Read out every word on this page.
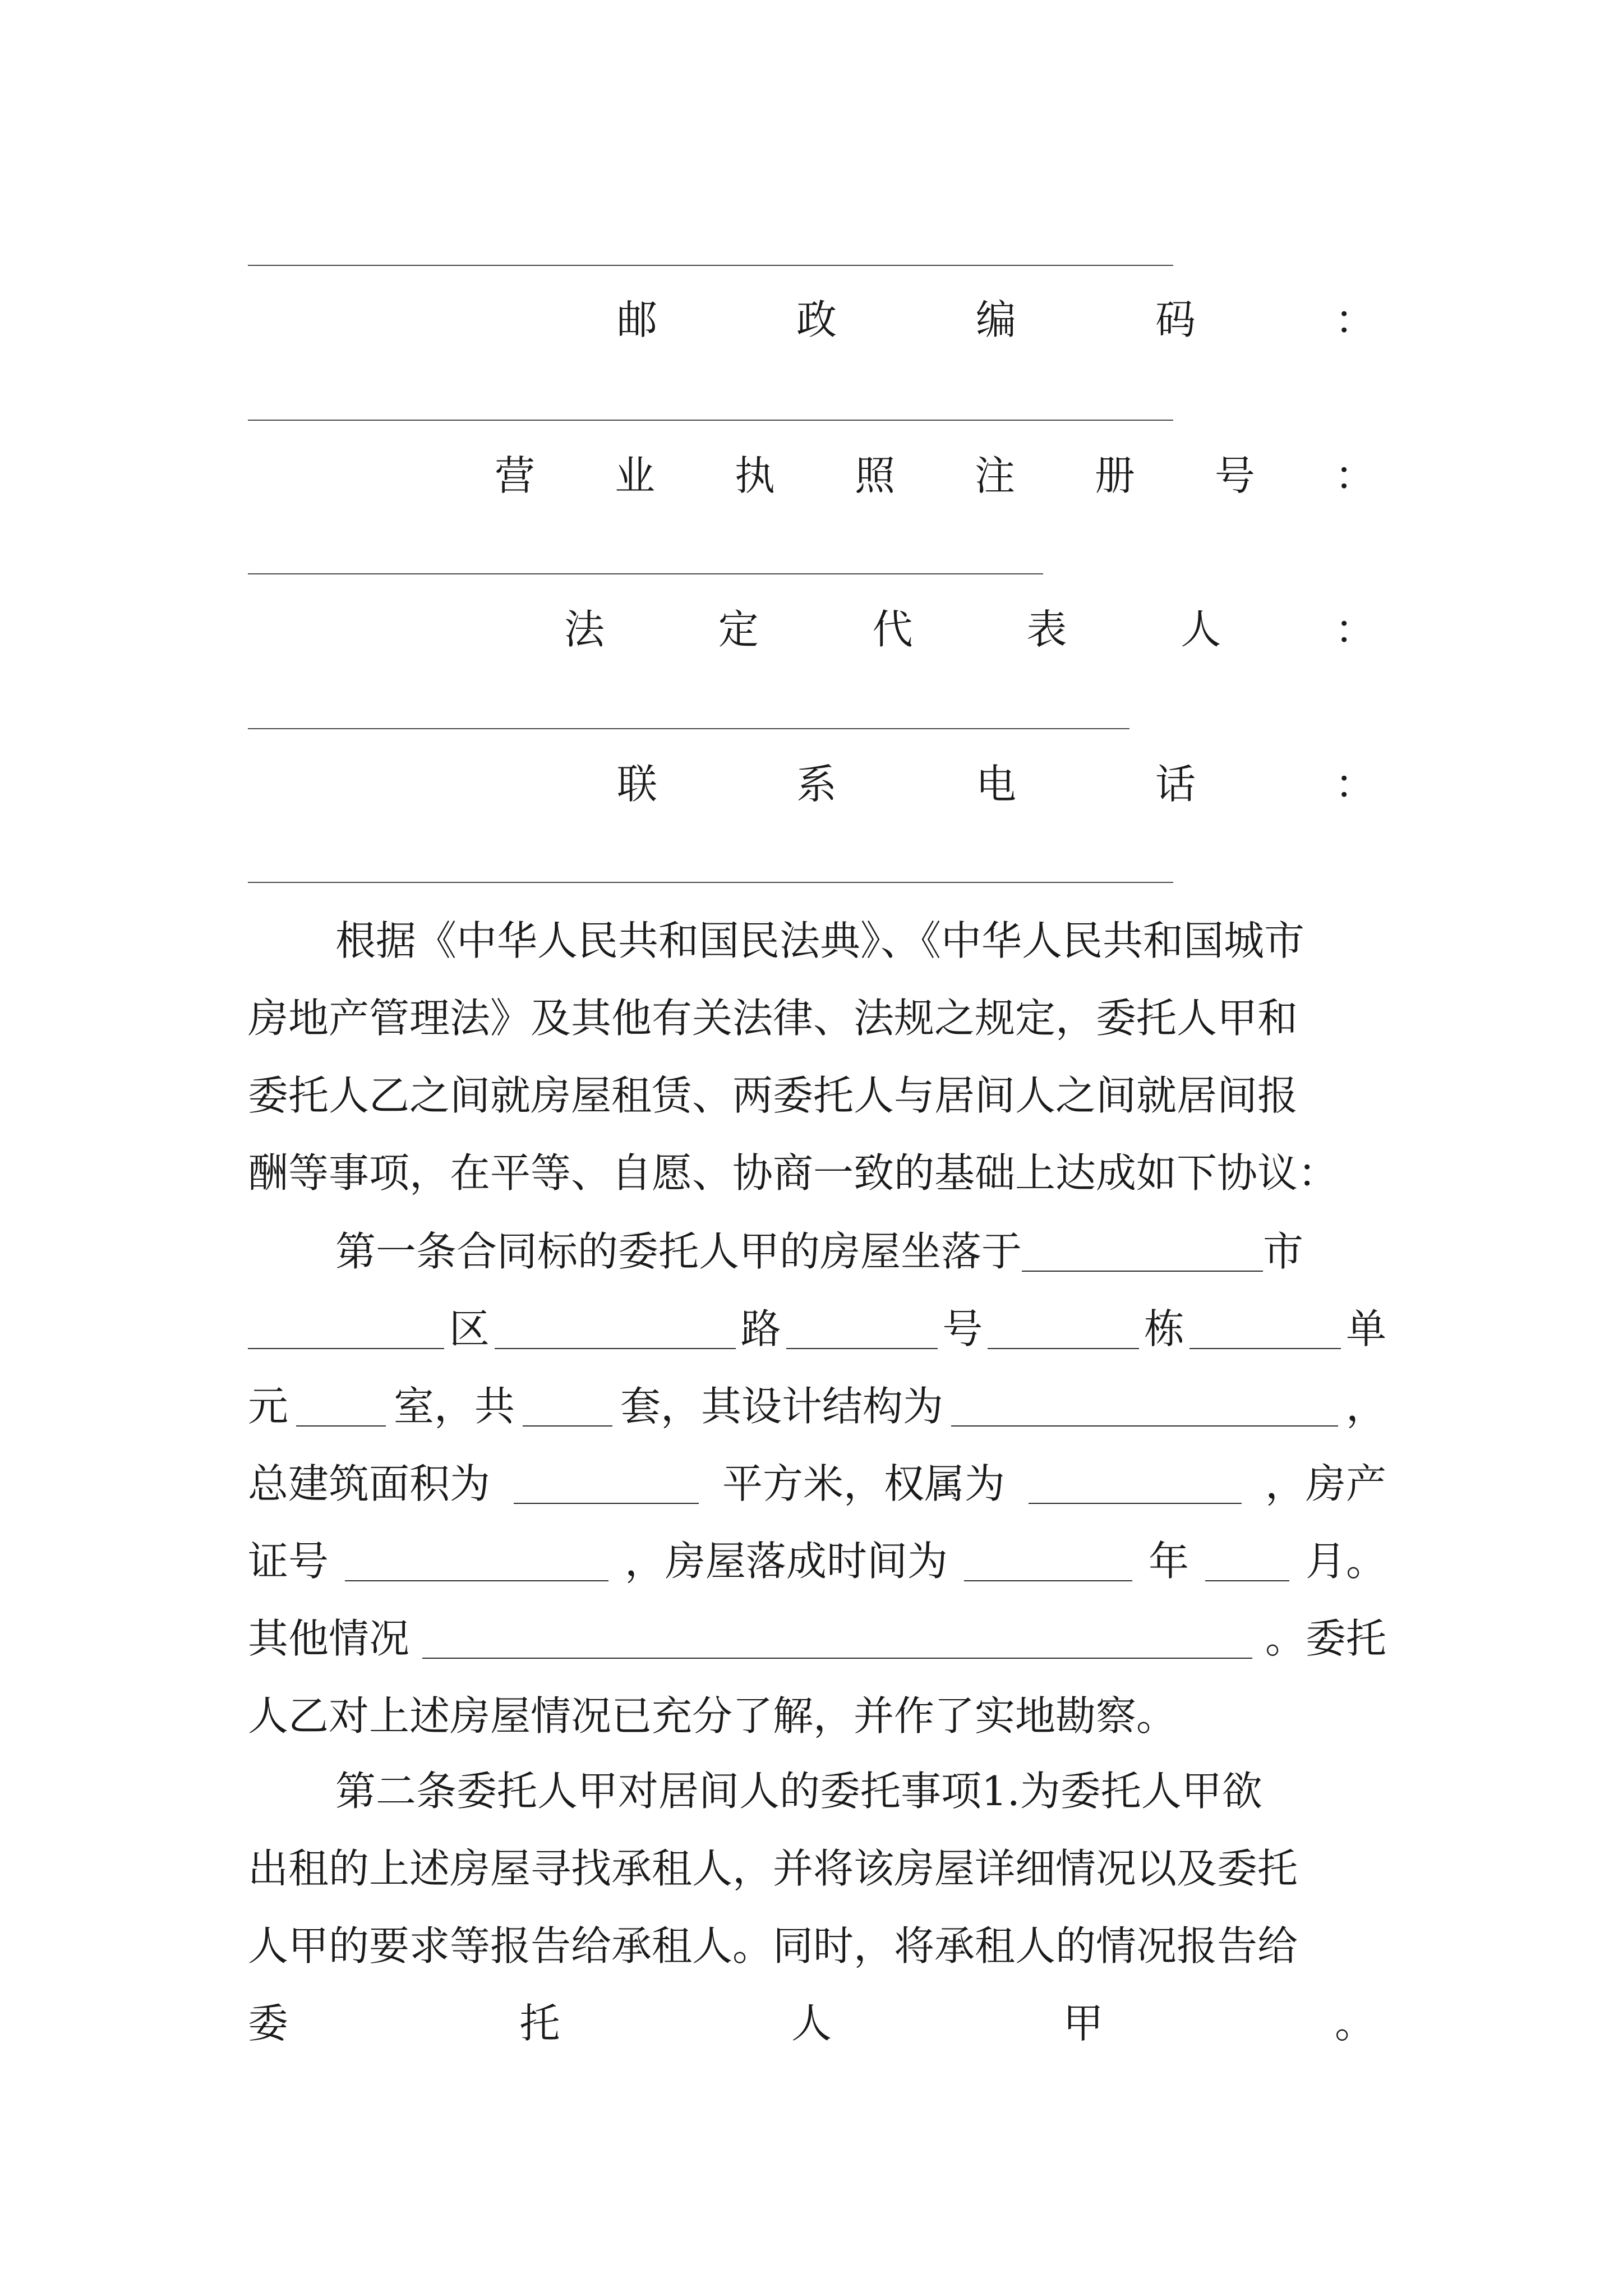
邮	政	编	码	：
营 业 执 照 注 册 号 ：
法	定	代	表	人	：
联	系	电	话	：
根据《中华人民共和国民法典》、《中华人民共和国城市
房地产管理法》及其他有关法律、法规之规定，委托人甲和
委托人乙之间就房屋租赁、两委托人与居间人之间就居间报
酬等事项，在平等、自愿、协商一致的基础上达成如下协议：
第一条合同标的委托人甲的房屋坐落于	市
区	路	号	栋	单
元	室，共	套，其设计结构为	，
总建筑面积为	平方米，权属为	，房产
证号	，房屋落成时间为	年	月。
其他情况	。委托
人乙对上述房屋情况已充分了解，并作了实地勘察。
第二条委托人甲对居间人的委托事项1.为委托人甲欲
出租的上述房屋寻找承租人，并将该房屋详细情况以及委托
人甲的要求等报告给承租人。同时，将承租人的情况报告给
委	托	人	甲	。
